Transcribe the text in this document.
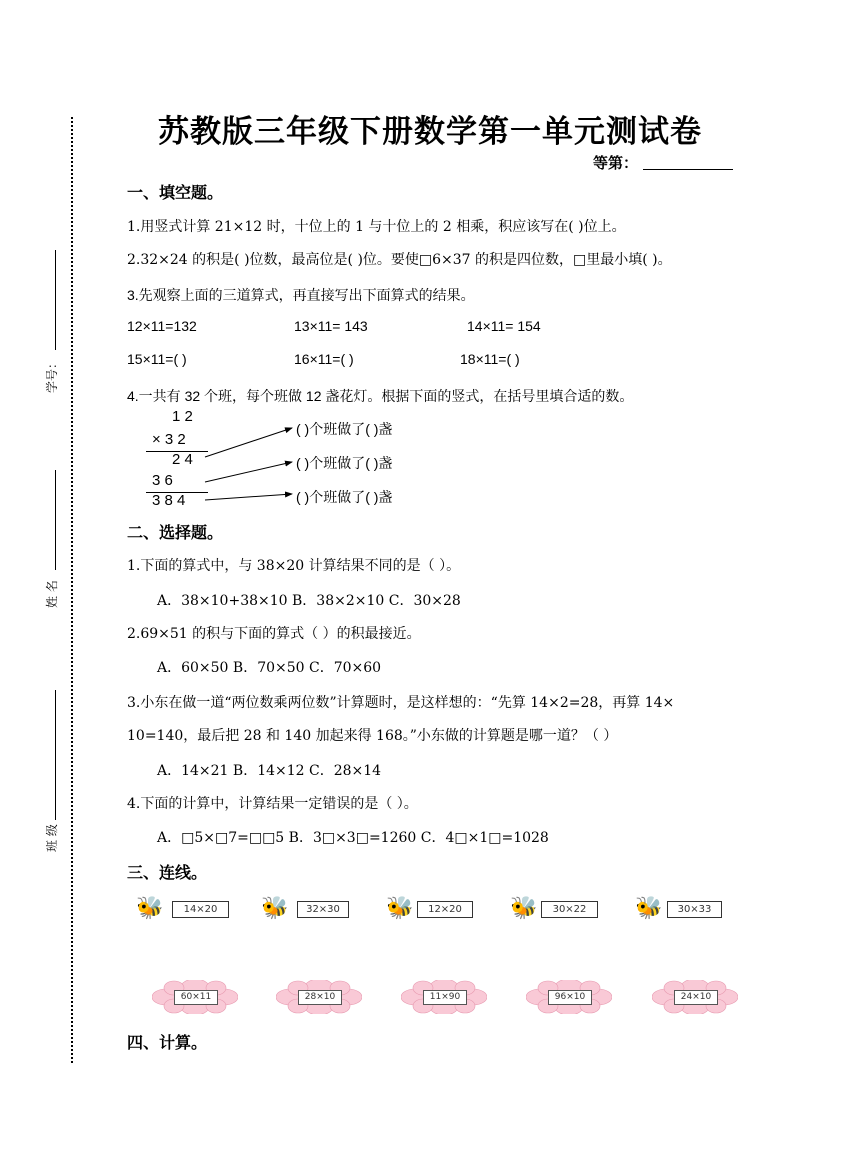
学号：
姓 名
班 级
苏教版三年级下册数学第一单元测试卷
等第：
一、填空题。
1.用竖式计算 21×12 时，十位上的 1 与十位上的 2 相乘，积应该写在( )位上。
2.32×24 的积是( )位数，最高位是( )位。要使□6×37 的积是四位数，□里最小填( )。
3.先观察上面的三道算式，再直接写出下面算式的结果。
12×11=132	13×11= 143	14×11= 154
15×11=( )	16×11=( )	18×11=( )
4.一共有 32 个班，每个班做 12 盏花灯。根据下面的竖式，在括号里填合适的数。
1 2
× 3 2
2 4
3 6
3 8 4
( )个班做了( )盏
( )个班做了( )盏
( )个班做了( )盏
二、选择题。
1.下面的算式中，与 38×20 计算结果不同的是（ ）。
A．38×10+38×10 B．38×2×10 C．30×28
2.69×51 的积与下面的算式（ ）的积最接近。
A．60×50 B．70×50 C．70×60
3.小东在做一道“两位数乘两位数”计算题时，是这样想的：“先算 14×2=28，再算 14×
10=140，最后把 28 和 140 加起来得 168。”小东做的计算题是哪一道？（ ）
A．14×21 B．14×12 C．28×14
4.下面的计算中，计算结果一定错误的是（ ）。
A．□5×□7=□□5 B．3□×3□=1260 C．4□×1□=1028
三、连线。
🐝	14×20	🐝	32×30	🐝	12×20	🐝	30×22	🐝	30×33
60×11	28×10	11×90	96×10	24×10
四、计算。
